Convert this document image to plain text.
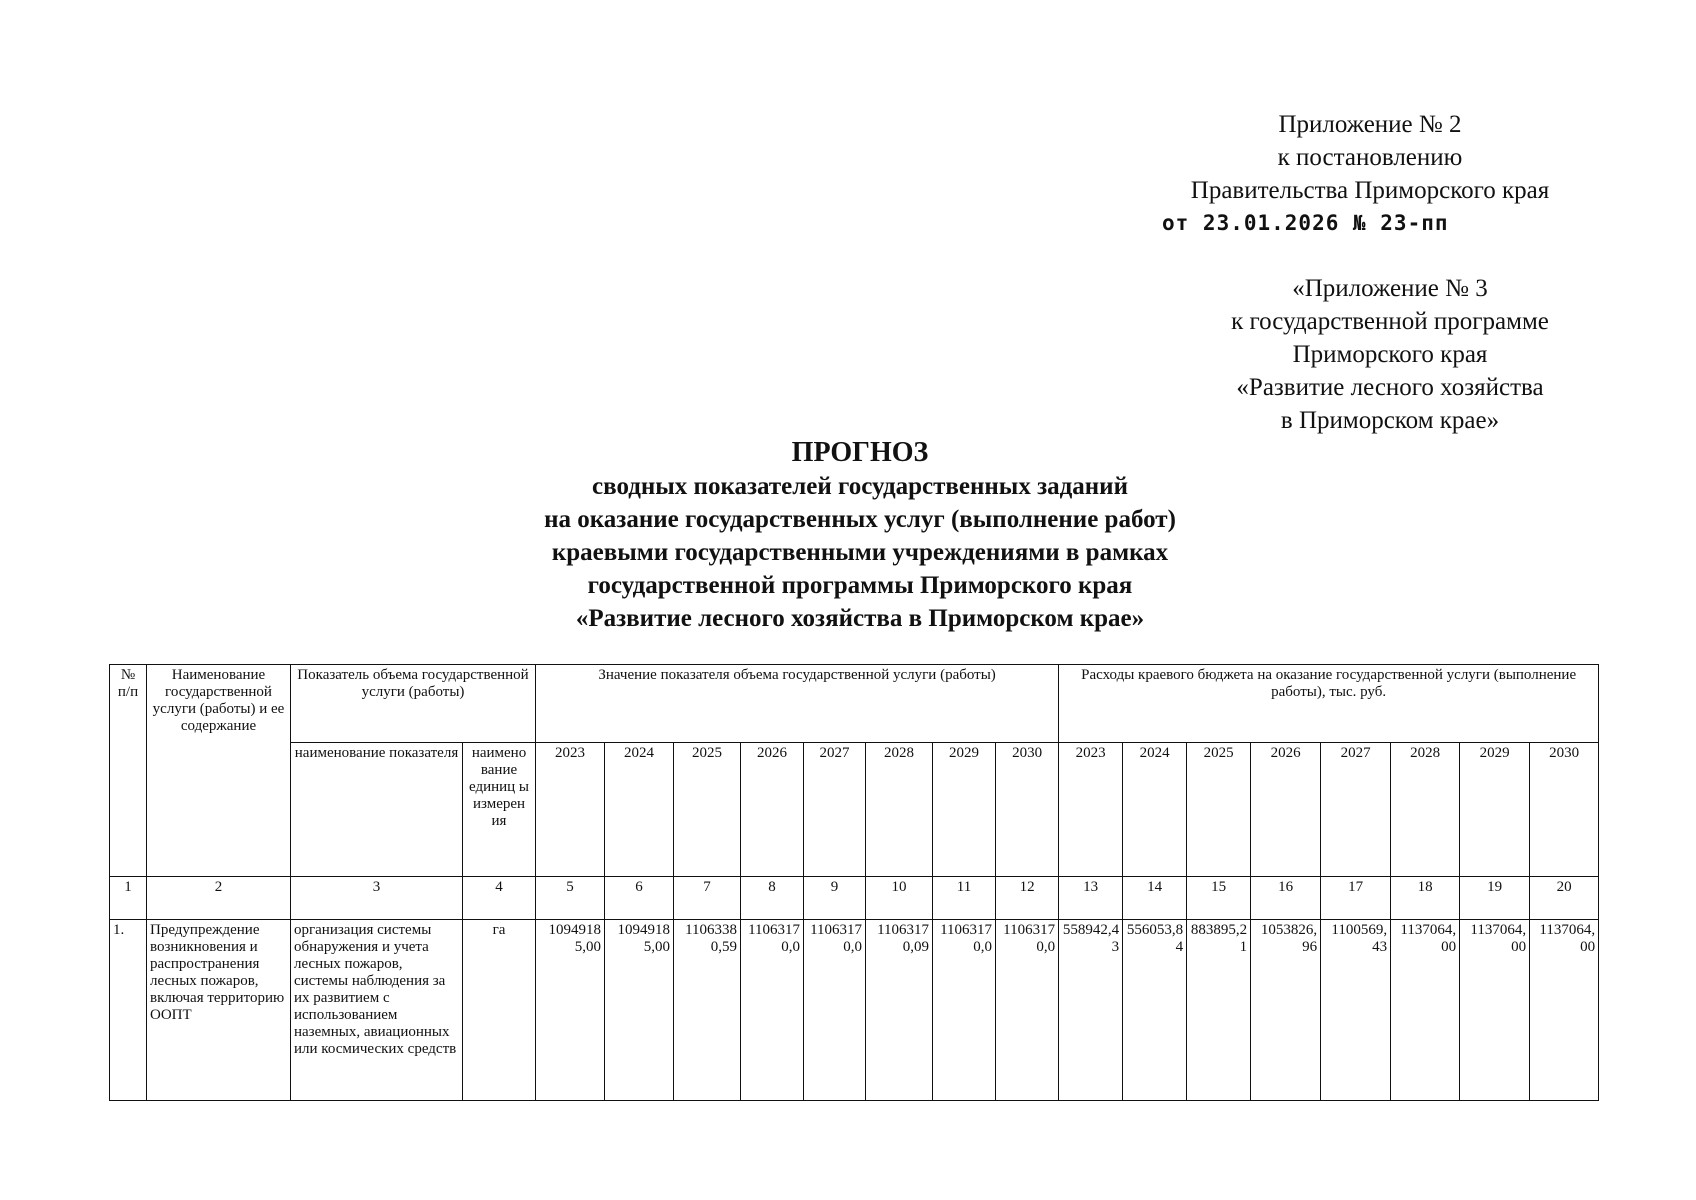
Приложение № 2
к постановлению
Правительства Приморского края
от 23.01.2026 № 23-пп
«Приложение № 3
к государственной программе
Приморского края
«Развитие лесного хозяйства
в Приморском крае»
ПРОГНОЗ
сводных показателей государственных заданий
на оказание государственных услуг (выполнение работ)
краевыми государственными учреждениями в рамках
государственной программы Приморского края
«Развитие лесного хозяйства в Приморском крае»
№ п/п	Наименование государственной услуги (работы) и ее содержание	Показатель объема государственной услуги (работы)		Значение показателя объема государственной услуги (работы)								Расходы краевого бюджета на оказание государственной услуги (выполнение работы), тыс. руб.							
		наименование показателя	наимено вание единиц ы измерен ия	2023	2024	2025	2026	2027	2028	2029	2030	2023	2024	2025	2026	2027	2028	2029	2030
1	2	3	4	5	6	7	8	9	10	11	12	13	14	15	16	17	18	19	20
1.	Предупреждение возникновения и распространения лесных пожаров, включая территорию ООПТ	организация системы обнаружения и учета лесных пожаров, системы наблюдения за их развитием с использованием наземных, авиационных или космических средств	га	10949185,00	10949185,00	11063380,59	11063170,0	11063170,0	11063170,09	11063170,0	11063170,0	558942,43	556053,84	883895,21	1053826,96	1100569,43	1137064,00	1137064,00	1137064,00
